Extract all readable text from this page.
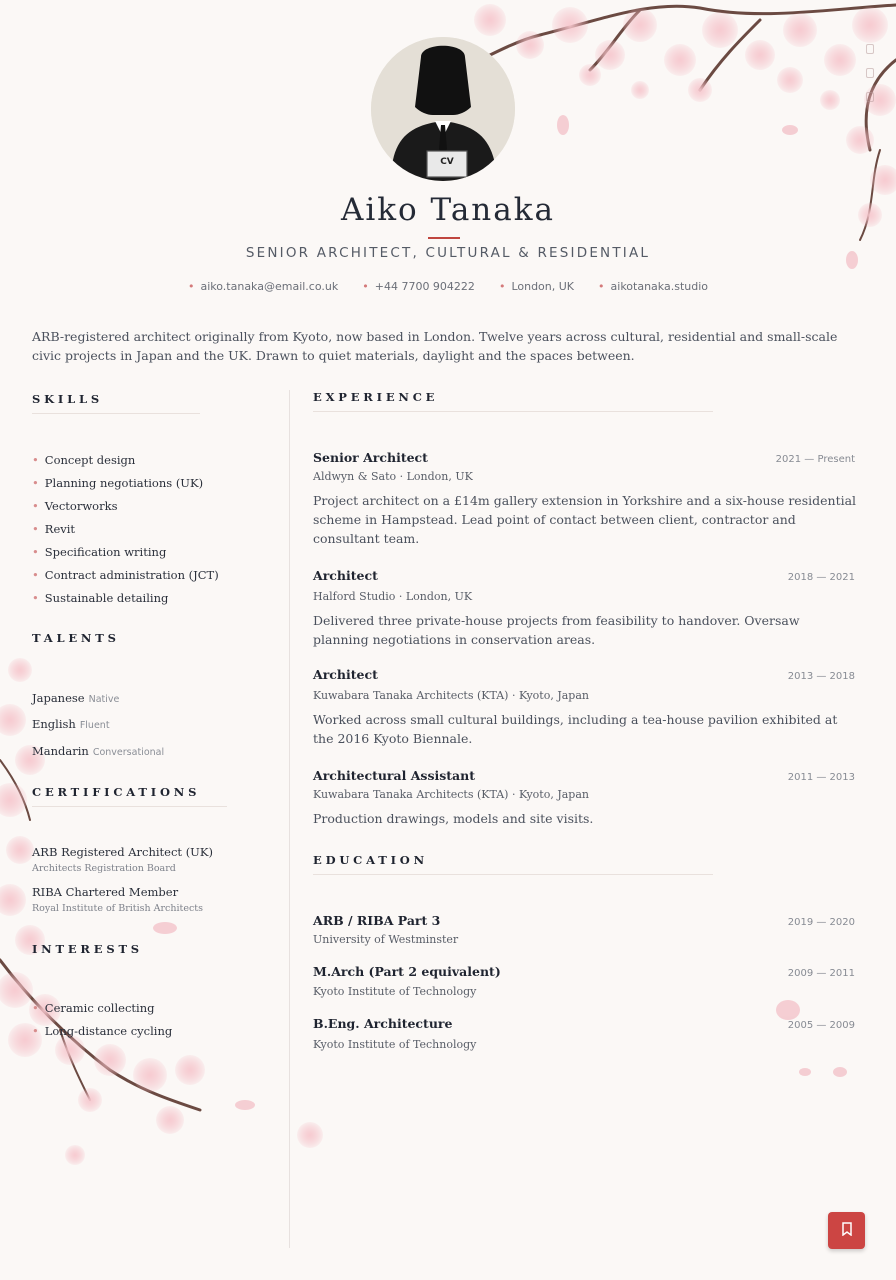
CV
Aiko Tanaka
SENIOR ARCHITECT, CULTURAL & RESIDENTIAL
• aiko.tanaka@email.co.uk	• +44 7700 904222	• London, UK	• aikotanaka.studio
ARB-registered architect originally from Kyoto, now based in London. Twelve years across cultural, residential and small-scale civic projects in Japan and the UK. Drawn to quiet materials, daylight and the spaces between.
SKILLS
• Concept design
• Planning negotiations (UK)
• Vectorworks
• Revit
• Specification writing
• Contract administration (JCT)
• Sustainable detailing
TALENTS
Japanese Native
English Fluent
Mandarin Conversational
CERTIFICATIONS
ARB Registered Architect (UK)
Architects Registration Board
RIBA Chartered Member
Royal Institute of British Architects
INTERESTS
• Ceramic collecting
• Long-distance cycling
EXPERIENCE
Senior Architect	2021 — Present
Aldwyn & Sato · London, UK
Project architect on a £14m gallery extension in Yorkshire and a six-house residential scheme in Hampstead. Lead point of contact between client, contractor and consultant team.
Architect	2018 — 2021
Halford Studio · London, UK
Delivered three private-house projects from feasibility to handover. Oversaw planning negotiations in conservation areas.
Architect	2013 — 2018
Kuwabara Tanaka Architects (KTA) · Kyoto, Japan
Worked across small cultural buildings, including a tea-house pavilion exhibited at the 2016 Kyoto Biennale.
Architectural Assistant	2011 — 2013
Kuwabara Tanaka Architects (KTA) · Kyoto, Japan
Production drawings, models and site visits.
EDUCATION
ARB / RIBA Part 3	2019 — 2020
University of Westminster
M.Arch (Part 2 equivalent)	2009 — 2011
Kyoto Institute of Technology
B.Eng. Architecture	2005 — 2009
Kyoto Institute of Technology
